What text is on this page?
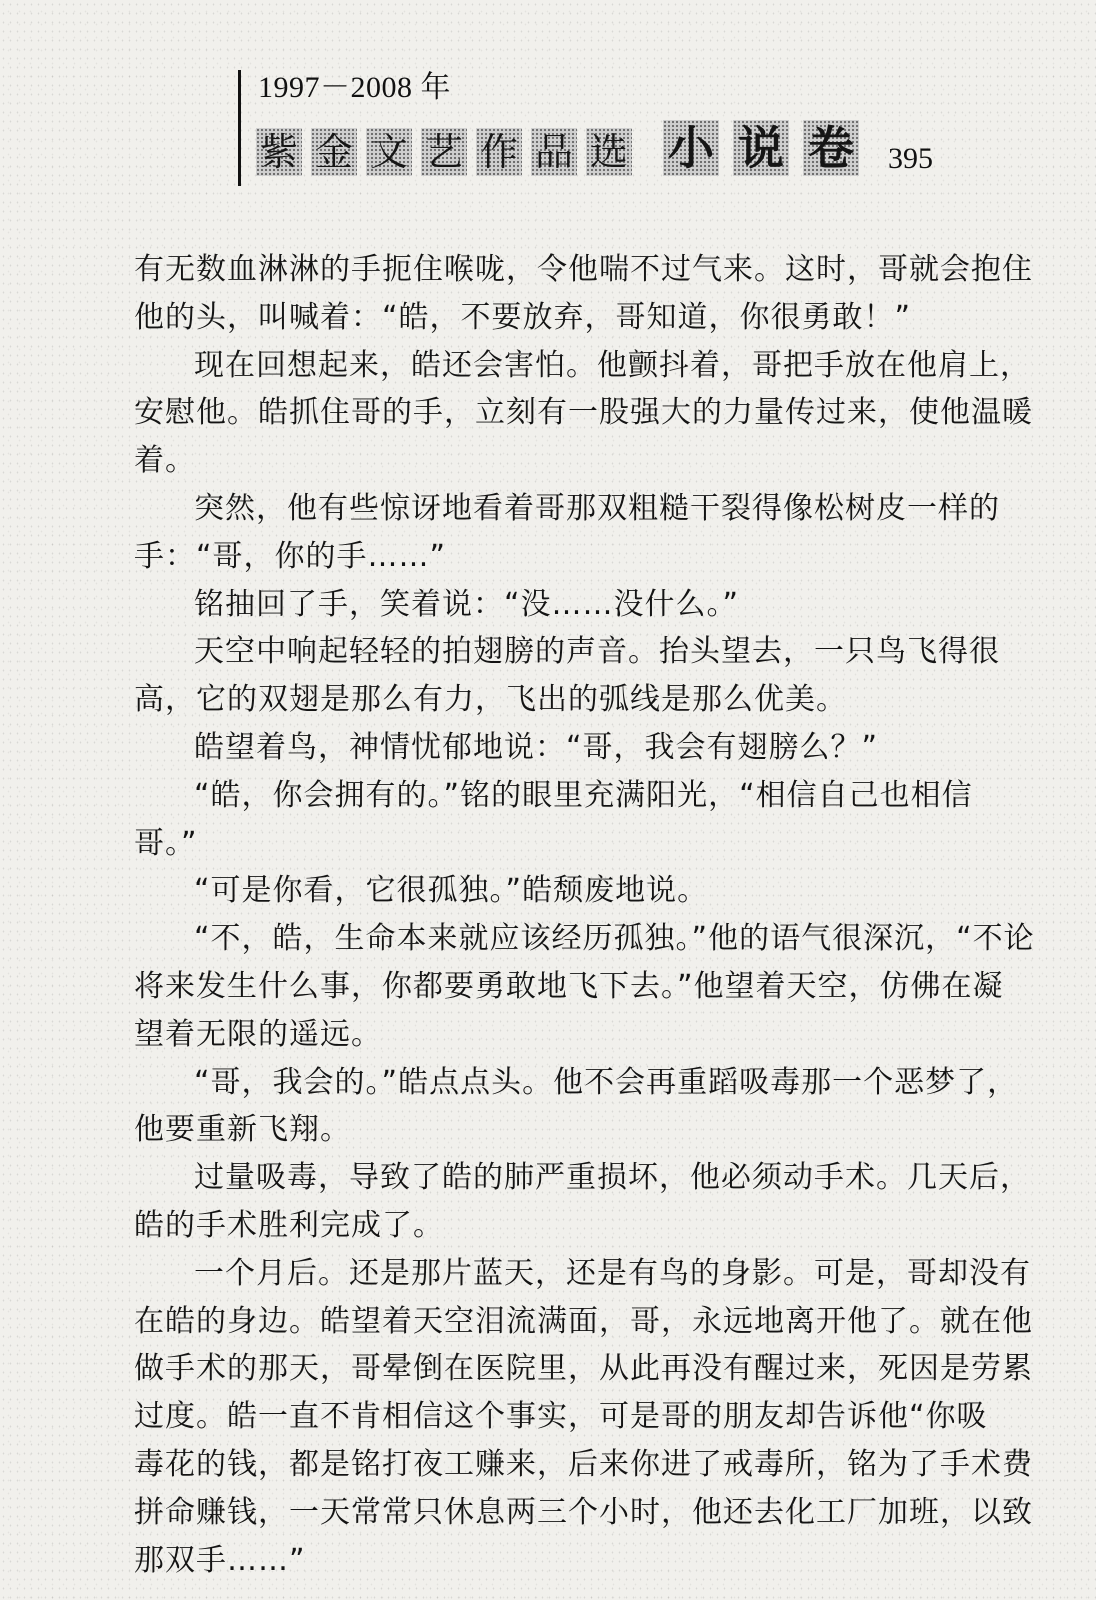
1997－2008 年
紫 金 文 艺 作 品 选 小 说 卷 395
有无数血淋淋的手扼住喉咙，令他喘不过气来。这时，哥就会抱住
他的头，叫喊着：“皓，不要放弃，哥知道，你很勇敢！”
现在回想起来，皓还会害怕。他颤抖着，哥把手放在他肩上，
安慰他。皓抓住哥的手，立刻有一股强大的力量传过来，使他温暖
着。
突然，他有些惊讶地看着哥那双粗糙干裂得像松树皮一样的
手：“哥，你的手……”
铭抽回了手，笑着说：“没……没什么。”
天空中响起轻轻的拍翅膀的声音。抬头望去，一只鸟飞得很
高，它的双翅是那么有力，飞出的弧线是那么优美。
皓望着鸟，神情忧郁地说：“哥，我会有翅膀么？”
“皓，你会拥有的。”铭的眼里充满阳光，“相信自己也相信
哥。”
“可是你看，它很孤独。”皓颓废地说。
“不，皓，生命本来就应该经历孤独。”他的语气很深沉，“不论
将来发生什么事，你都要勇敢地飞下去。”他望着天空，仿佛在凝
望着无限的遥远。
“哥，我会的。”皓点点头。他不会再重蹈吸毒那一个恶梦了，
他要重新飞翔。
过量吸毒，导致了皓的肺严重损坏，他必须动手术。几天后，
皓的手术胜利完成了。
一个月后。还是那片蓝天，还是有鸟的身影。可是，哥却没有
在皓的身边。皓望着天空泪流满面，哥，永远地离开他了。就在他
做手术的那天，哥晕倒在医院里，从此再没有醒过来，死因是劳累
过度。皓一直不肯相信这个事实，可是哥的朋友却告诉他“你吸
毒花的钱，都是铭打夜工赚来，后来你进了戒毒所，铭为了手术费
拼命赚钱，一天常常只休息两三个小时，他还去化工厂加班，以致
那双手……”
